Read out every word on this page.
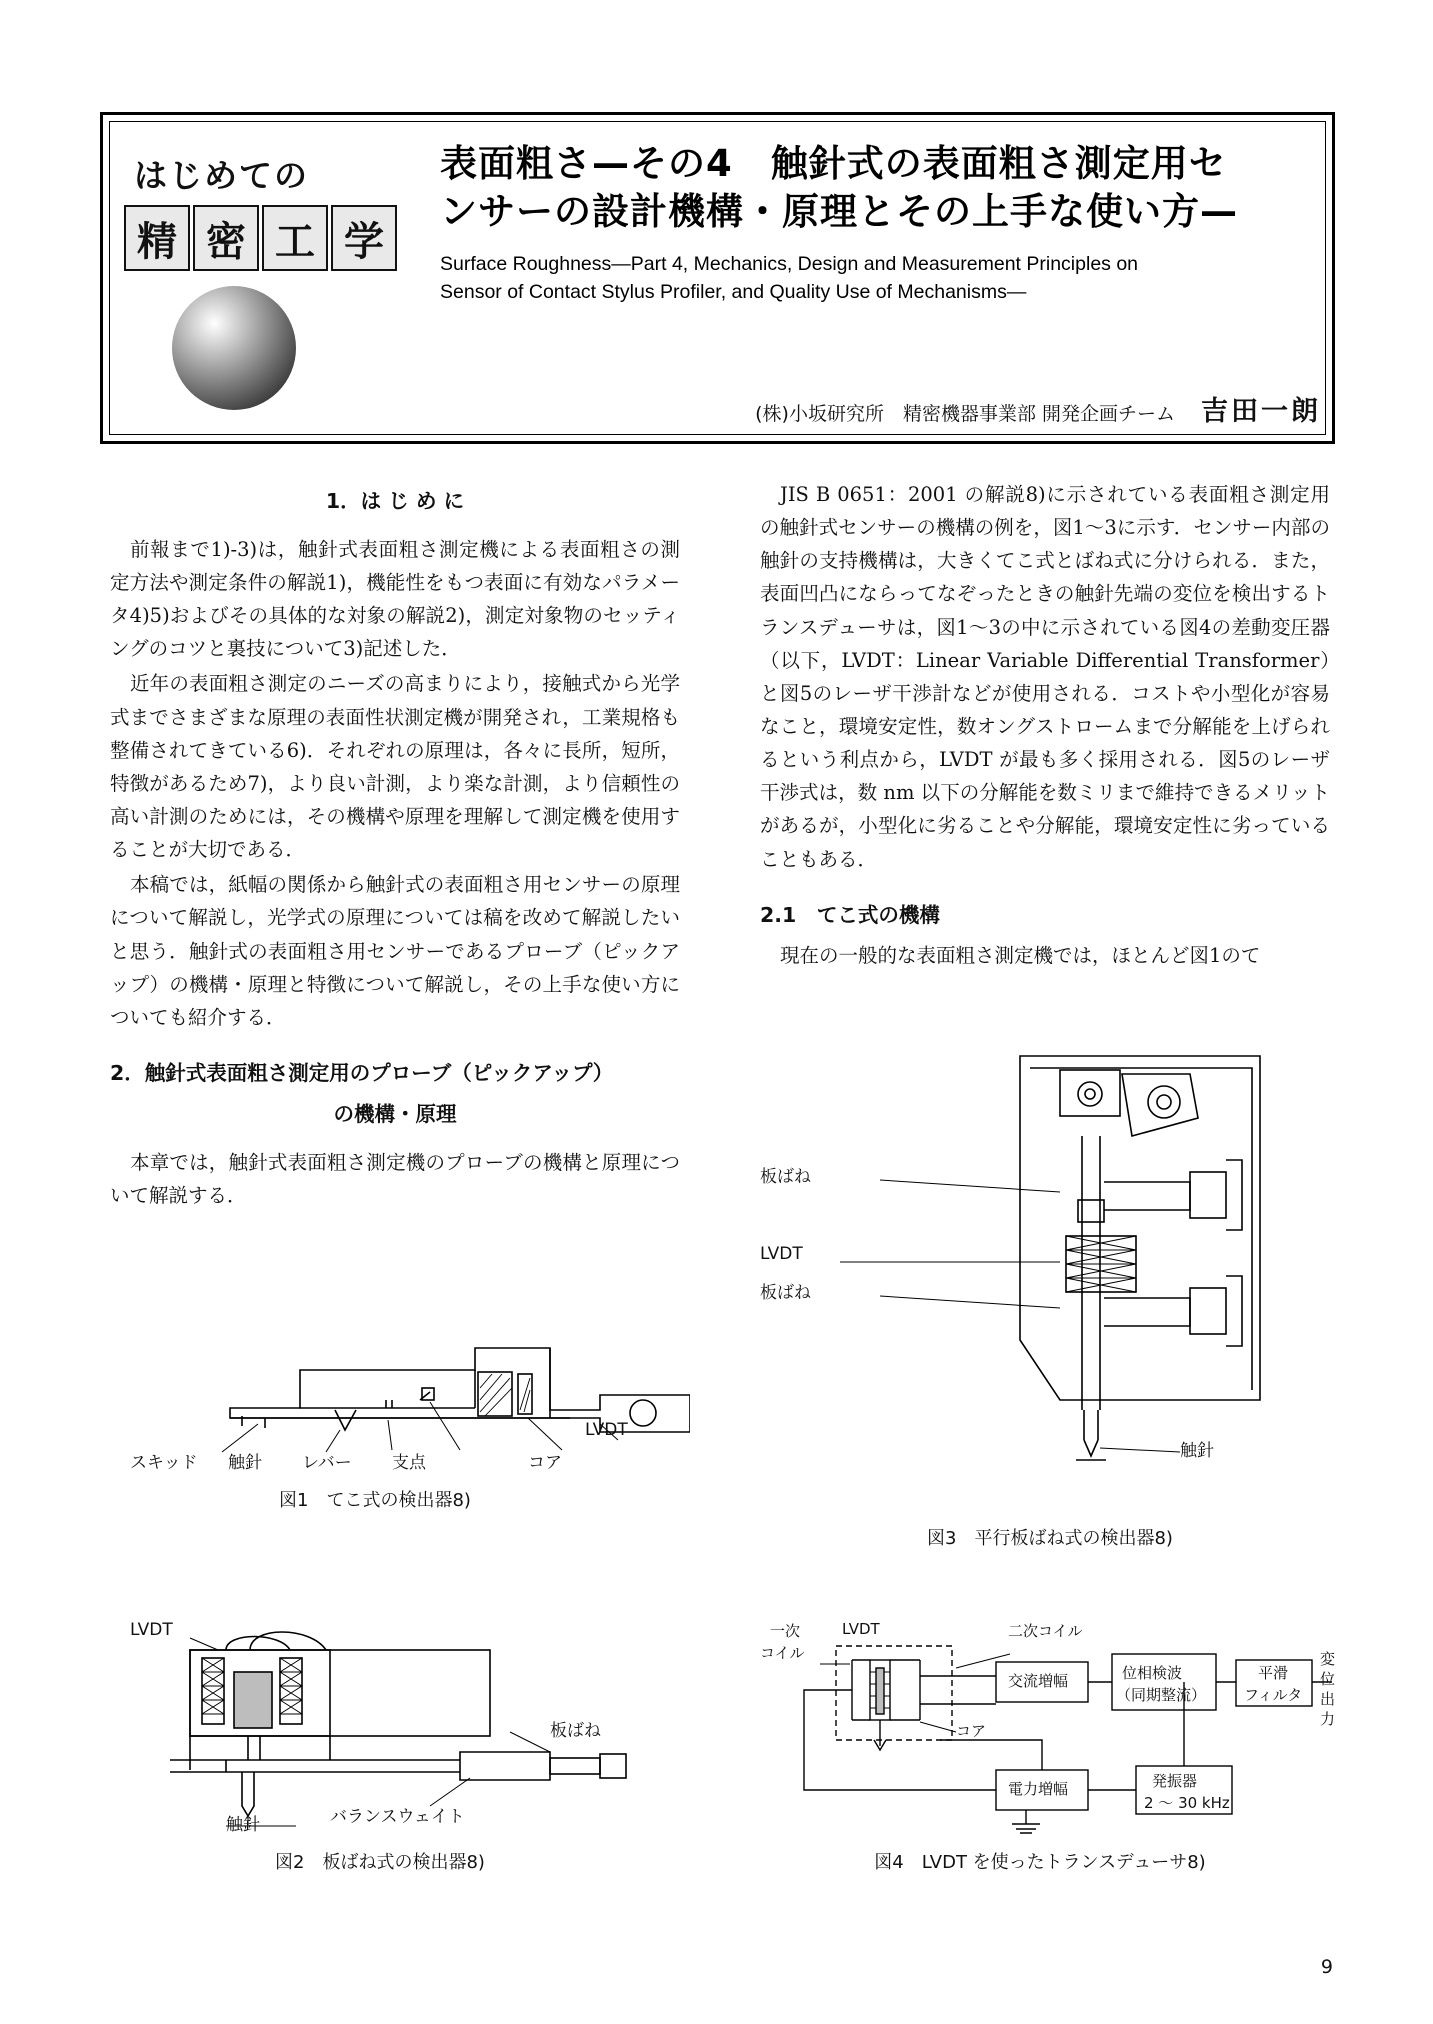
はじめての
精 密 工 学
表面粗さ—その4　触針式の表面粗さ測定用セ
ンサーの設計機構・原理とその上手な使い方—
Surface Roughness—Part 4, Mechanics, Design and Measurement Principles on
Sensor of Contact Stylus Profiler, and Quality Use of Mechanisms—
(株)小坂研究所　精密機器事業部 開発企画チーム 吉田一朗
1．は じ め に

前報まで1)-3)は，触針式表面粗さ測定機による表面粗さの測定方法や測定条件の解説1)，機能性をもつ表面に有効なパラメータ4)5)およびその具体的な対象の解説2)，測定対象物のセッティングのコツと裏技について3)記述した．

近年の表面粗さ測定のニーズの高まりにより，接触式から光学式までさまざまな原理の表面性状測定機が開発され，工業規格も整備されてきている6)．それぞれの原理は，各々に長所，短所，特徴があるため7)，より良い計測，より楽な計測，より信頼性の高い計測のためには，その機構や原理を理解して測定機を使用することが大切である．

本稿では，紙幅の関係から触針式の表面粗さ用センサーの原理について解説し，光学式の原理については稿を改めて解説したいと思う．触針式の表面粗さ用センサーであるプローブ（ピックアップ）の機構・原理と特徴について解説し，その上手な使い方についても紹介する．

2．触針式表面粗さ測定用のプローブ（ピックアップ）
の機構・原理

本章では，触針式表面粗さ測定機のプローブの機構と原理について解説する．

JIS B 0651：2001 の解説8)に示されている表面粗さ測定用の触針式センサーの機構の例を，図1～3に示す．センサー内部の触針の支持機構は，大きくてこ式とばね式に分けられる．また，表面凹凸にならってなぞったときの触針先端の変位を検出するトランスデューサは，図1～3の中に示されている図4の差動変圧器（以下，LVDT：Linear Variable Differential Transformer）と図5のレーザ干渉計などが使用される．コストや小型化が容易なこと，環境安定性，数オングストロームまで分解能を上げられるという利点から，LVDT が最も多く採用される．図5のレーザ干渉式は，数 nm 以下の分解能を数ミリまで維持できるメリットがあるが，小型化に劣ることや分解能，環境安定性に劣っていることもある．

2.1　てこ式の機構

現在の一般的な表面粗さ測定機では，ほとんど図1のて

スキッド 触針 レバー 支点	コア
LVDT
図1　てこ式の検出器8)
LVDT
板ばね
触針	バランスウェイト
図2　板ばね式の検出器8)
板ばね
LVDT
板ばね
触針
図3　平行板ばね式の検出器8)
一次
コイル
LVDT	二次コイル
コア
交流増幅	位相検波
（同期整流）
平滑
フィルタ
変
位
出
力
電力増幅	発振器
2 ～ 30 kHz
図4　LVDT を使ったトランスデューサ8)
9
